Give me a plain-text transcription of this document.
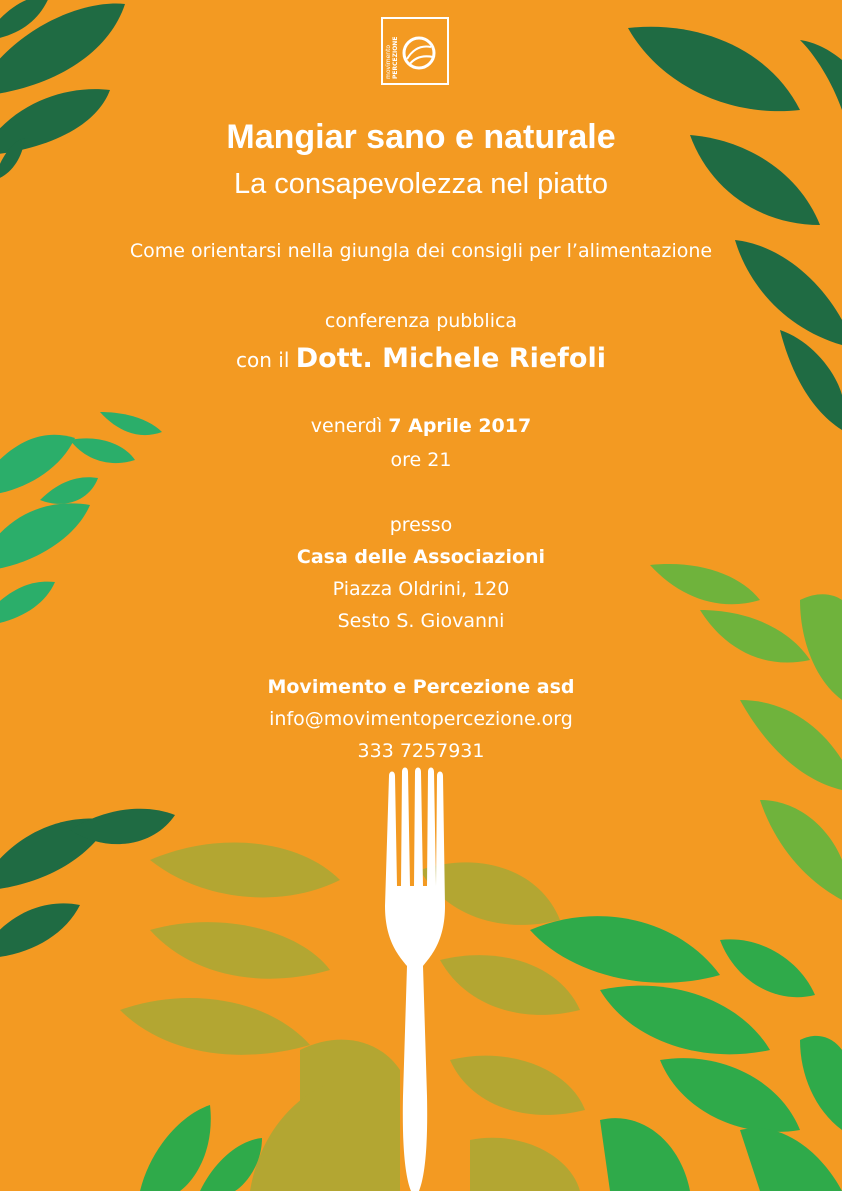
movimento PERCEZIONE
Mangiar sano e naturale
La consapevolezza nel piatto
Come orientarsi nella giungla dei consigli per l’alimentazione
conferenza pubblica
con il Dott. Michele Riefoli
venerdì 7 Aprile 2017
ore 21
presso
Casa delle Associazioni
Piazza Oldrini, 120
Sesto S. Giovanni
Movimento e Percezione asd
info@movimentopercezione.org
333 7257931
